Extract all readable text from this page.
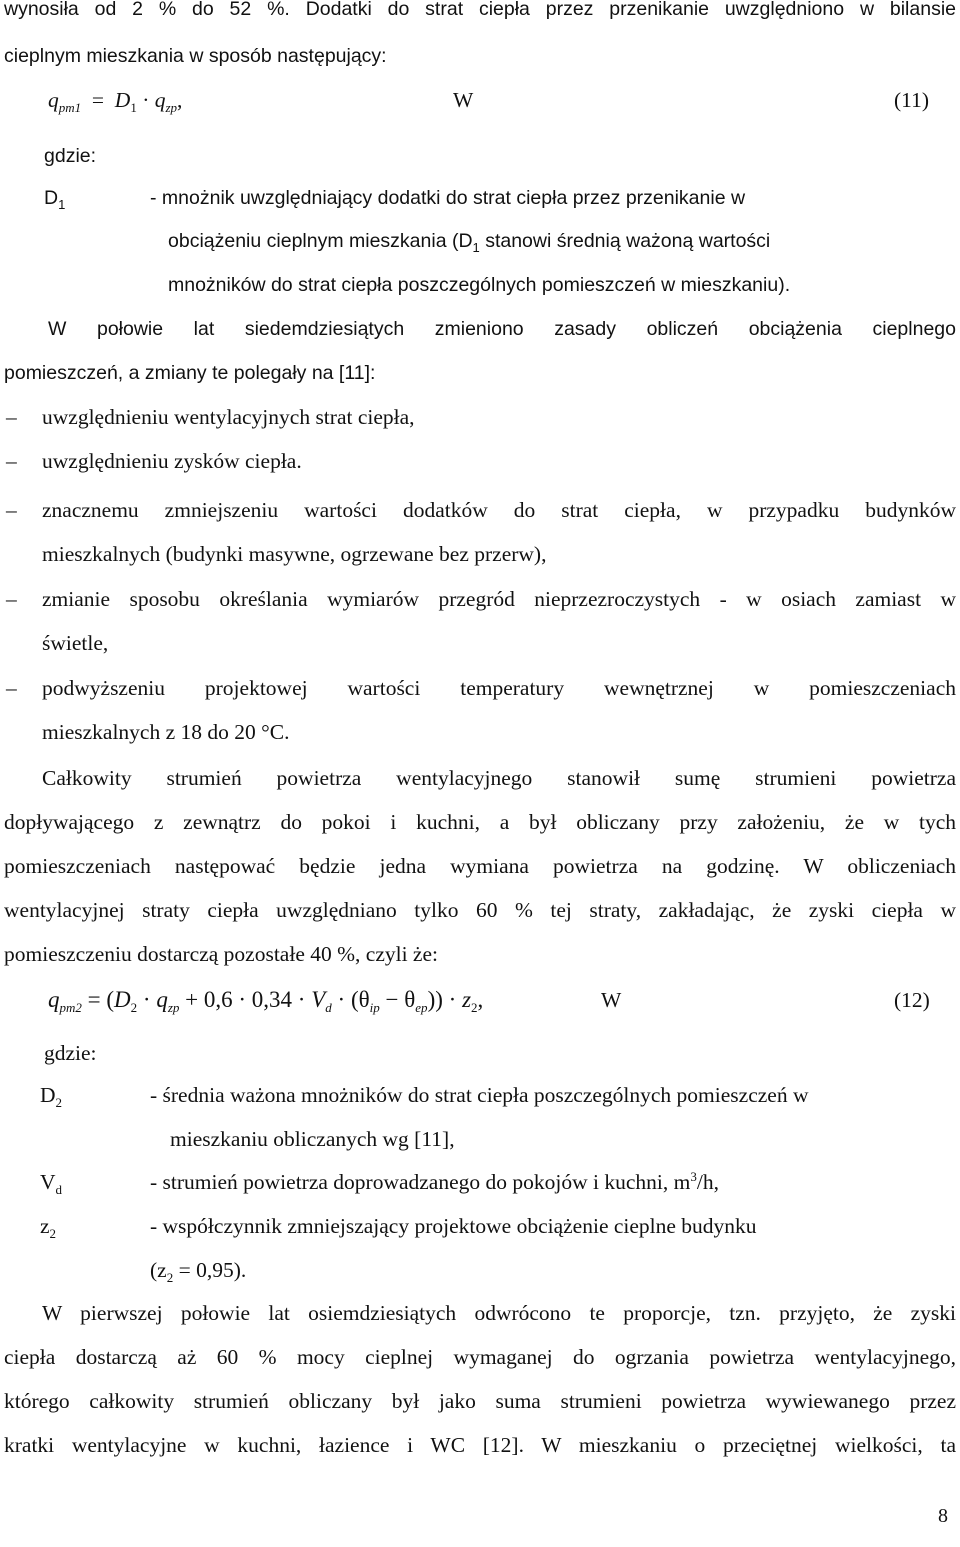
wynosiła od 2 % do 52 %. Dodatki do strat ciepła przez przenikanie uwzględniono w bilansie
cieplnym mieszkania w sposób następujący:
$q_{pm1} = D_1 \cdot q_{zp}$,	W	(11)
gdzie:
$D_1$	- mnożnik uwzględniający dodatki do strat ciepła przez przenikanie w
obciążeniu cieplnym mieszkania ($D_1$ stanowi średnią ważoną wartości
mnożników do strat ciepła poszczególnych pomieszczeń w mieszkaniu).
W połowie lat siedemdziesiątych zmieniono zasady obliczeń obciążenia cieplnego
pomieszczeń, a zmiany te polegały na [11]:
– uwzględnieniu wentylacyjnych strat ciepła,
– uwzględnieniu zysków ciepła.
–	znacznemu zmniejszeniu wartości dodatków do strat ciepła, w przypadku budynków
mieszkalnych (budynki masywne, ogrzewane bez przerw),
–	zmianie sposobu określania wymiarów przegród nieprzezroczystych - w osiach zamiast w
świetle,
–	podwyższeniu projektowej wartości temperatury wewnętrznej w pomieszczeniach
mieszkalnych z 18 do 20 °C.
Całkowity strumień powietrza wentylacyjnego stanowił sumę strumieni powietrza
dopływającego z zewnątrz do pokoi i kuchni, a był obliczany przy założeniu, że w tych
pomieszczeniach następować będzie jedna wymiana powietrza na godzinę. W obliczeniach
wentylacyjnej straty ciepła uwzględniano tylko 60 % tej straty, zakładając, że zyski ciepła w
pomieszczeniu dostarczą pozostałe 40 %, czyli że:
$q_{pm2} = (D_2 \cdot q_{zp} + 0,6 \cdot 0,34 \cdot V_d \cdot (\theta_{ip} - \theta_{ep})) \cdot z_2$,	W	(12)
gdzie:
$D_2$	- średnia ważona mnożników do strat ciepła poszczególnych pomieszczeń w
mieszkaniu obliczanych wg [11],
$V_d$	- strumień powietrza doprowadzanego do pokojów i kuchni, $m^3/h$,
$z_2$	- współczynnik zmniejszający projektowe obciążenie cieplne budynku
$(z_2 = 0,95)$.
W pierwszej połowie lat osiemdziesiątych odwrócono te proporcje, tzn. przyjęto, że zyski
ciepła dostarczą aż 60 % mocy cieplnej wymaganej do ogrzania powietrza wentylacyjnego,
którego całkowity strumień obliczany był jako suma strumieni powietrza wywiewanego przez
kratki wentylacyjne w kuchni, łazience i WC [12]. W mieszkaniu o przeciętnej wielkości, ta
8
